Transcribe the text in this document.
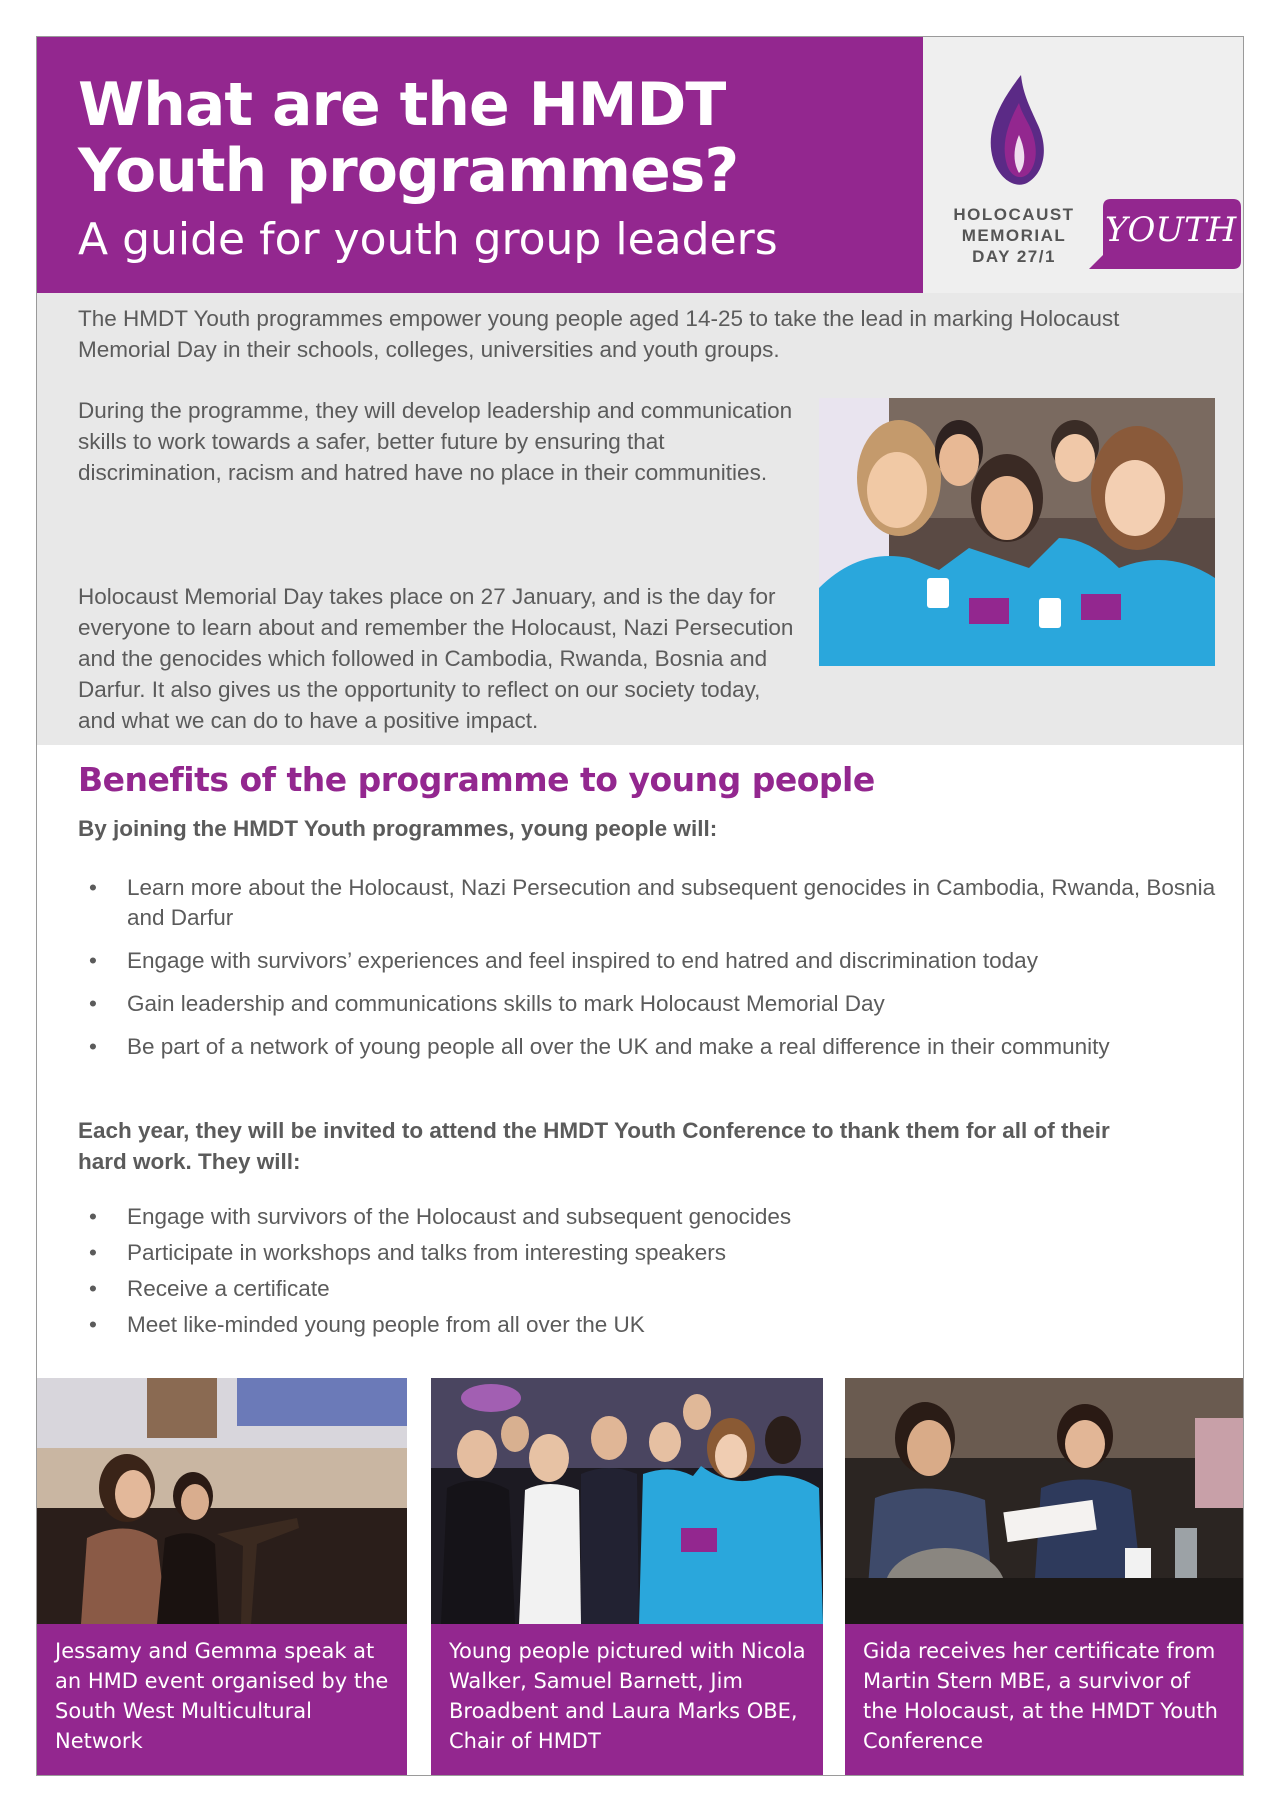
What are the HMDT
Youth programmes?
A guide for youth group leaders	HOLOCAUST
MEMORIAL
DAY 27/1
YOUTH

The HMDT Youth programmes empower young people aged 14-25 to take the lead in marking Holocaust Memorial Day in their schools, colleges, universities and youth groups.

During the programme, they will develop leadership and communication skills to work towards a safer, better future by ensuring that discrimination, racism and hatred have no place in their communities.

Holocaust Memorial Day takes place on 27 January, and is the day for everyone to learn about and remember the Holocaust, Nazi Persecution and the genocides which followed in Cambodia, Rwanda, Bosnia and Darfur. It also gives us the opportunity to reflect on our society today, and what we can do to have a positive impact.

Benefits of the programme to young people

By joining the HMDT Youth programmes, young people will:

• Learn more about the Holocaust, Nazi Persecution and subsequent genocides in Cambodia, Rwanda, Bosnia and Darfur
• Engage with survivors’ experiences and feel inspired to end hatred and discrimination today
• Gain leadership and communications skills to mark Holocaust Memorial Day
• Be part of a network of young people all over the UK and make a real difference in their community

Each year, they will be invited to attend the HMDT Youth Conference to thank them for all of their hard work. They will:

• Engage with survivors of the Holocaust and subsequent genocides
• Participate in workshops and talks from interesting speakers
• Receive a certificate
• Meet like-minded young people from all over the UK
Jessamy and Gemma speak at an HMD event organised by the South West Multicultural Network
Young people pictured with Nicola Walker, Samuel Barnett, Jim Broadbent and Laura Marks OBE, Chair of HMDT
Gida receives her certificate from Martin Stern MBE, a survivor of the Holocaust, at the HMDT Youth Conference
